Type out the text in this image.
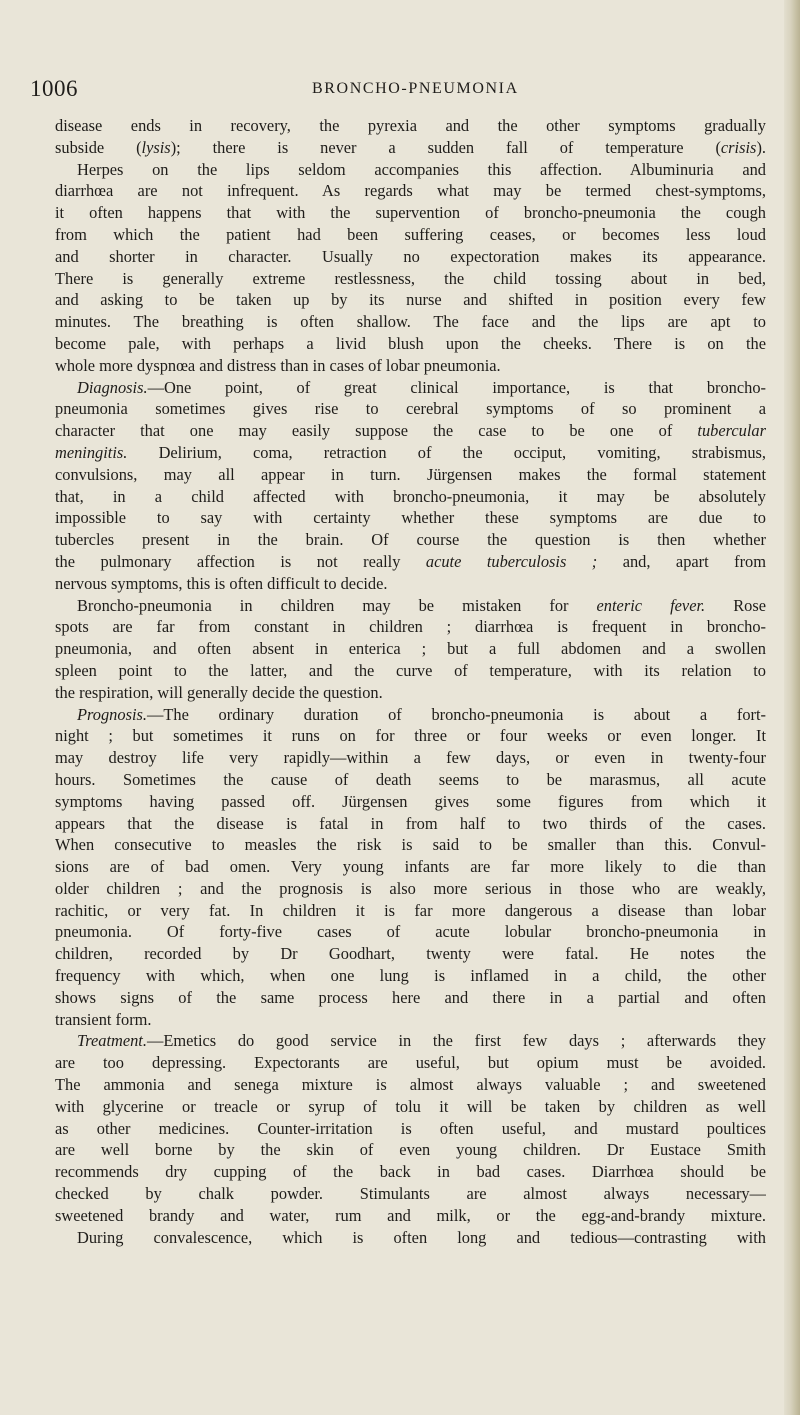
1006	BRONCHO-PNEUMONIA
disease ends in recovery, the pyrexia and the other symptoms gradually
subside (lysis); there is never a sudden fall of temperature (crisis).
Herpes on the lips seldom accompanies this affection. Albuminuria and
diarrhœa are not infrequent. As regards what may be termed chest-symptoms,
it often happens that with the supervention of broncho-pneumonia the cough
from which the patient had been suffering ceases, or becomes less loud
and shorter in character. Usually no expectoration makes its appearance.
There is generally extreme restlessness, the child tossing about in bed,
and asking to be taken up by its nurse and shifted in position every few
minutes. The breathing is often shallow. The face and the lips are apt to
become pale, with perhaps a livid blush upon the cheeks. There is on the
whole more dyspnœa and distress than in cases of lobar pneumonia.
Diagnosis.—One point, of great clinical importance, is that broncho-
pneumonia sometimes gives rise to cerebral symptoms of so prominent a
character that one may easily suppose the case to be one of tubercular
meningitis. Delirium, coma, retraction of the occiput, vomiting, strabismus,
convulsions, may all appear in turn. Jürgensen makes the formal statement
that, in a child affected with broncho-pneumonia, it may be absolutely
impossible to say with certainty whether these symptoms are due to
tubercles present in the brain. Of course the question is then whether
the pulmonary affection is not really acute tuberculosis ; and, apart from
nervous symptoms, this is often difficult to decide.
Broncho-pneumonia in children may be mistaken for enteric fever. Rose
spots are far from constant in children ; diarrhœa is frequent in broncho-
pneumonia, and often absent in enterica ; but a full abdomen and a swollen
spleen point to the latter, and the curve of temperature, with its relation to
the respiration, will generally decide the question.
Prognosis.—The ordinary duration of broncho-pneumonia is about a fort-
night ; but sometimes it runs on for three or four weeks or even longer. It
may destroy life very rapidly—within a few days, or even in twenty-four
hours. Sometimes the cause of death seems to be marasmus, all acute
symptoms having passed off. Jürgensen gives some figures from which it
appears that the disease is fatal in from half to two thirds of the cases.
When consecutive to measles the risk is said to be smaller than this. Convul-
sions are of bad omen. Very young infants are far more likely to die than
older children ; and the prognosis is also more serious in those who are weakly,
rachitic, or very fat. In children it is far more dangerous a disease than lobar
pneumonia. Of forty-five cases of acute lobular broncho-pneumonia in
children, recorded by Dr Goodhart, twenty were fatal. He notes the
frequency with which, when one lung is inflamed in a child, the other
shows signs of the same process here and there in a partial and often
transient form.
Treatment.—Emetics do good service in the first few days ; afterwards they
are too depressing. Expectorants are useful, but opium must be avoided.
The ammonia and senega mixture is almost always valuable ; and sweetened
with glycerine or treacle or syrup of tolu it will be taken by children as well
as other medicines. Counter-irritation is often useful, and mustard poultices
are well borne by the skin of even young children. Dr Eustace Smith
recommends dry cupping of the back in bad cases. Diarrhœa should be
checked by chalk powder. Stimulants are almost always necessary—
sweetened brandy and water, rum and milk, or the egg-and-brandy mixture.
During convalescence, which is often long and tedious—contrasting with
